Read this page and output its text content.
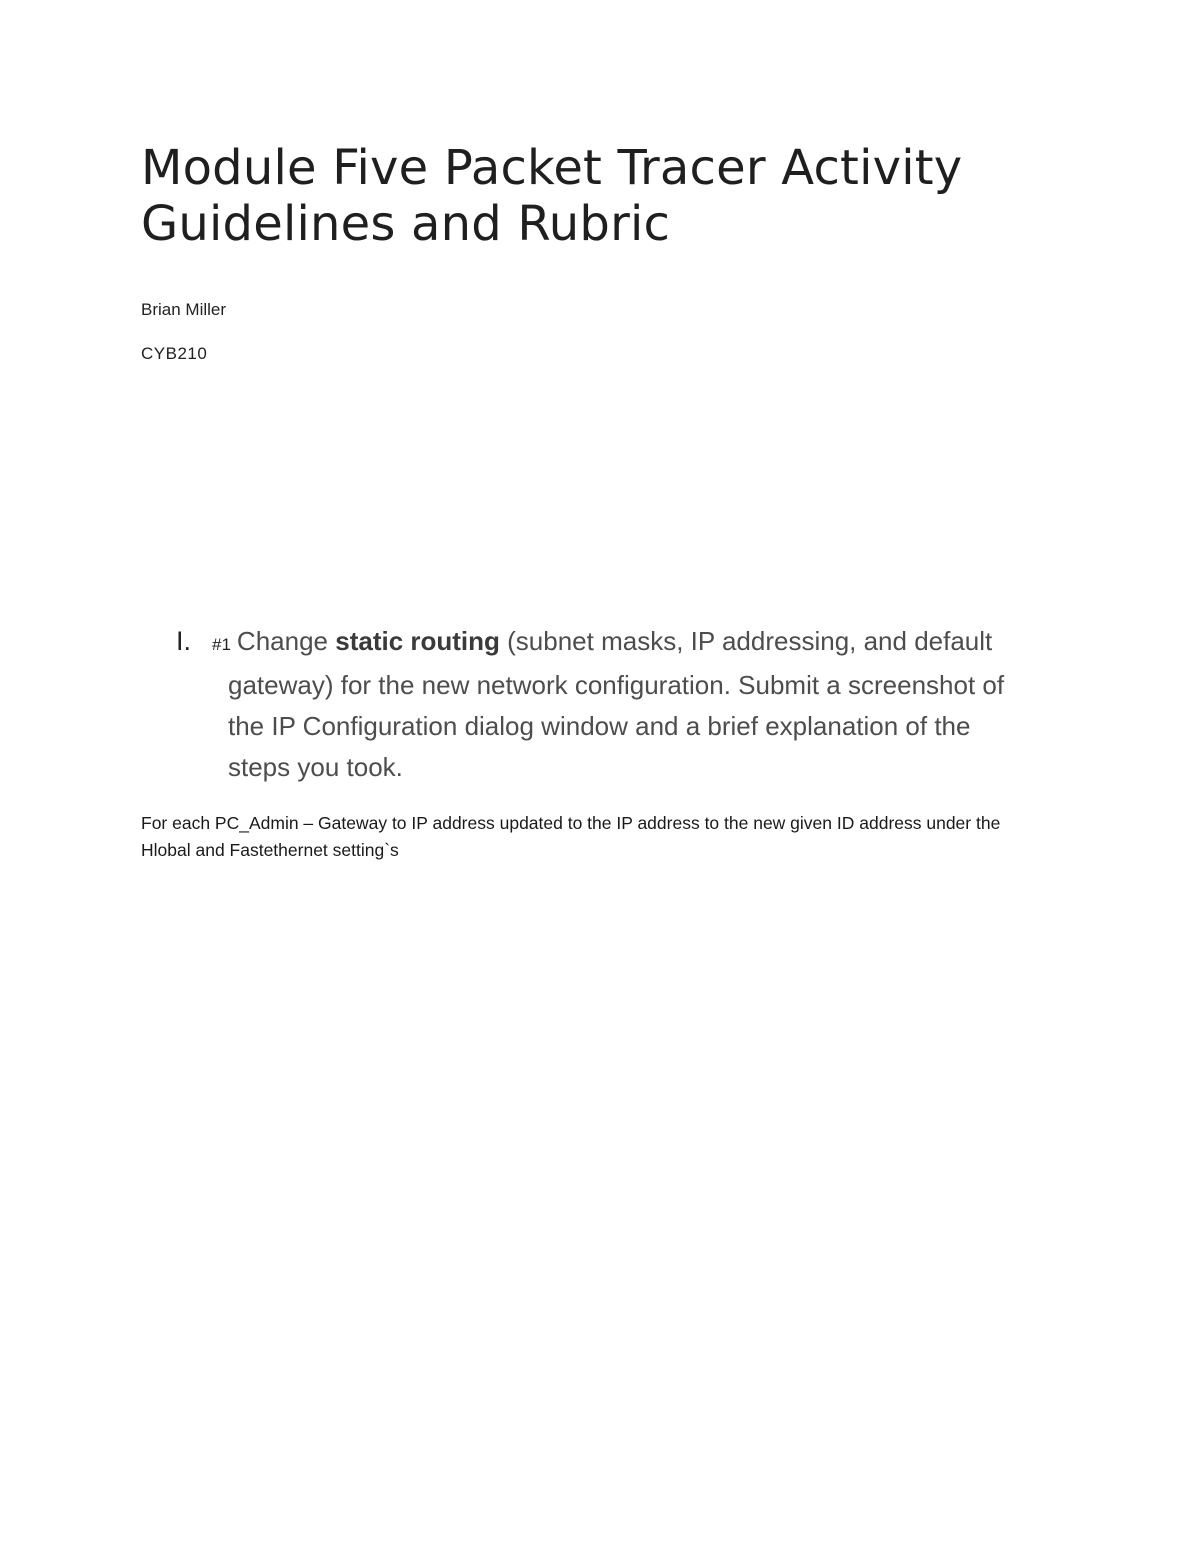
Module Five Packet Tracer Activity
Guidelines and Rubric

Brian Miller

CYB210

I.	#1 Change static routing (subnet masks, IP addressing, and default gateway) for the new network configuration. Submit a screenshot of the IP Configuration dialog window and a brief explanation of the steps you took.

For each PC_Admin – Gateway to IP address updated to the IP address to the new given ID address under the Hlobal and Fastethernet setting`s
